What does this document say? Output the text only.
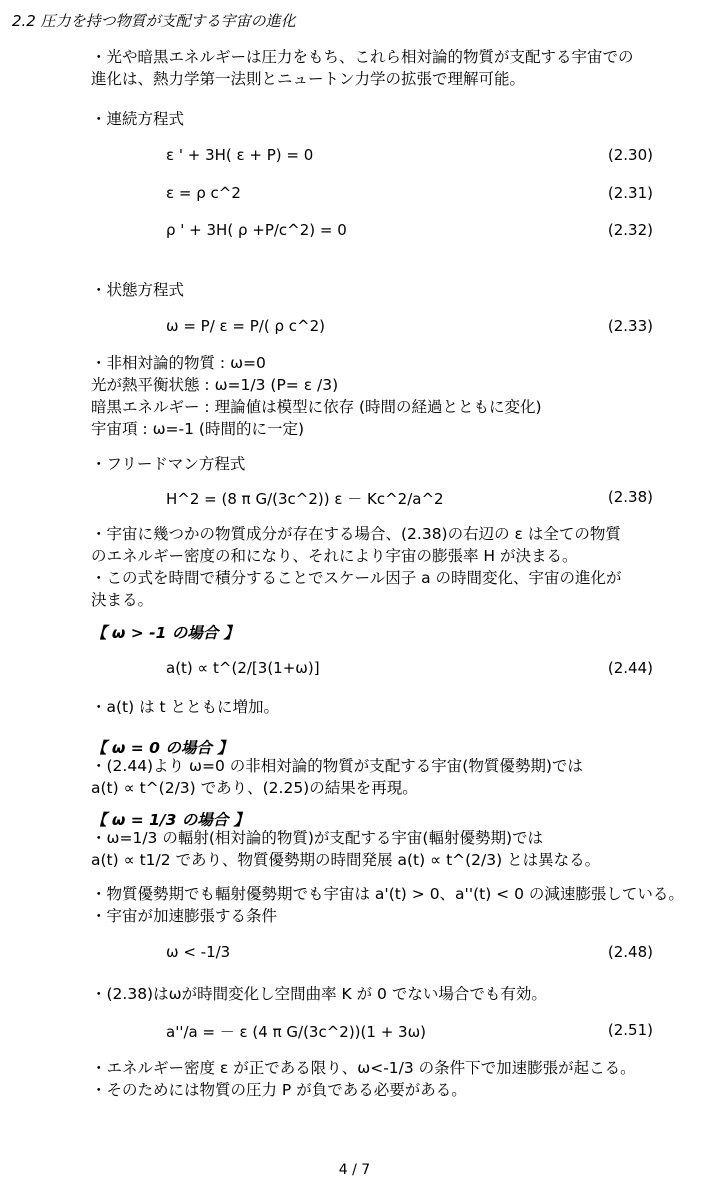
2.2 圧力を持つ物質が支配する宇宙の進化
・光や暗黒エネルギーは圧力をもち、これら相対論的物質が支配する宇宙での
進化は、熱力学第一法則とニュートン力学の拡張で理解可能。
・連続方程式
ε ' + 3H( ε + P) = 0	(2.30)
ε = ρ c^2	(2.31)
ρ ' + 3H( ρ +P/c^2) = 0	(2.32)
・状態方程式
ω = P/ ε = P/( ρ c^2)	(2.33)
・非相対論的物質 : ω=0
光が熱平衡状態 : ω=1/3 (P= ε /3)
暗黒エネルギー : 理論値は模型に依存 (時間の経過とともに変化)
宇宙項 : ω=-1 (時間的に一定)
・フリードマン方程式
H^2 = (8 π G/(3c^2)) ε － Kc^2/a^2	(2.38)
・宇宙に幾つかの物質成分が存在する場合、(2.38)の右辺の ε は全ての物質
のエネルギー密度の和になり、それにより宇宙の膨張率 H が決まる。
・この式を時間で積分することでスケール因子 a の時間変化、宇宙の進化が
決まる。
【 ω > -1 の場合 】
a(t) ∝ t^(2/[3(1+ω)]	(2.44)
・a(t) は t とともに増加。
【 ω = 0 の場合 】
・(2.44)より ω=0 の非相対論的物質が支配する宇宙(物質優勢期)では
a(t) ∝ t^(2/3) であり、(2.25)の結果を再現。
【 ω = 1/3 の場合 】
・ω=1/3 の輻射(相対論的物質)が支配する宇宙(輻射優勢期)では
a(t) ∝ t1/2 であり、物質優勢期の時間発展 a(t) ∝ t^(2/3) とは異なる。
・物質優勢期でも輻射優勢期でも宇宙は a'(t) > 0、a''(t) < 0 の減速膨張している。
・宇宙が加速膨張する条件
ω < -1/3	(2.48)
・(2.38)はωが時間変化し空間曲率 K が 0 でない場合でも有効。
a''/a = － ε (4 π G/(3c^2))(1 + 3ω)	(2.51)
・エネルギー密度 ε が正である限り、ω<-1/3 の条件下で加速膨張が起こる。
・そのためには物質の圧力 P が負である必要がある。
4 / 7
